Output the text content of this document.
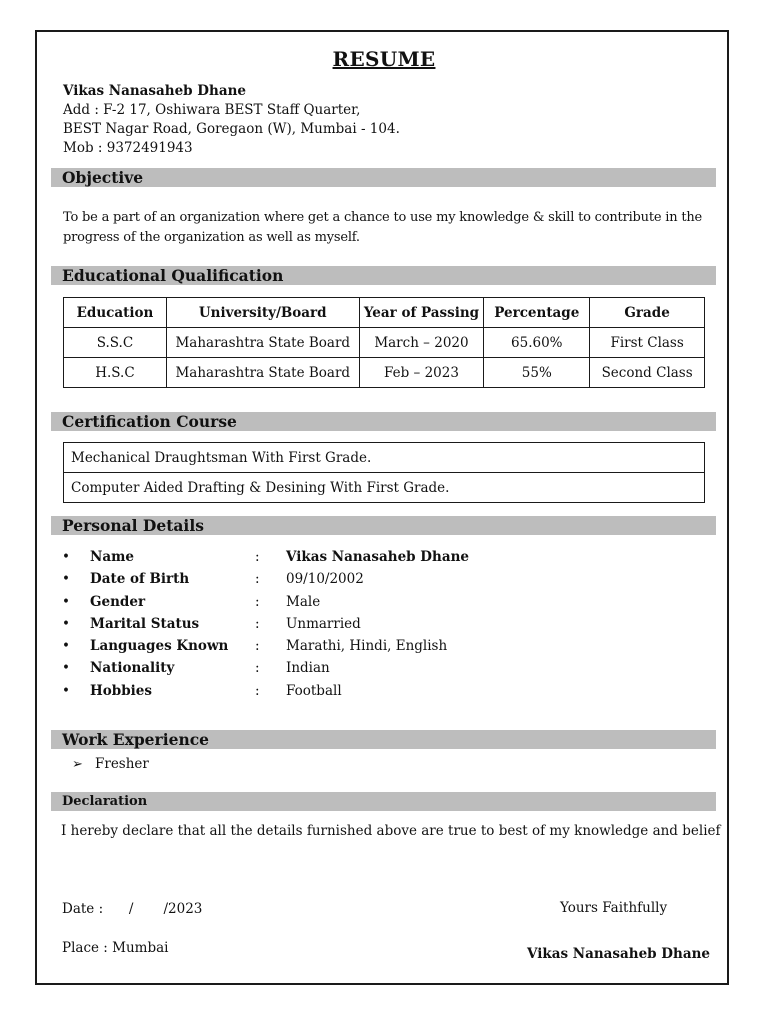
RESUME
Vikas Nanasaheb Dhane
Add : F-2 17, Oshiwara BEST Staff Quarter,
BEST Nagar Road, Goregaon (W), Mumbai - 104.
Mob : 9372491943
Objective
To be a part of an organization where get a chance to use my knowledge & skill to contribute in the
progress of the organization as well as myself.
Educational Qualification
Education	University/Board	Year of Passing	Percentage	Grade
S.S.C	Maharashtra State Board	March – 2020	65.60%	First Class
H.S.C	Maharashtra State Board	Feb – 2023	55%	Second Class
Certification Course
Mechanical Draughtsman With First Grade.
Computer Aided Drafting & Desining With First Grade.
Personal Details
• Name	: Vikas Nanasaheb Dhane
• Date of Birth	: 09/10/2002
• Gender	: Male
• Marital Status	: Unmarried
• Languages Known : Marathi, Hindi, English
• Nationality	: Indian
• Hobbies	: Football
Work Experience
➢ Fresher
Declaration
I hereby declare that all the details furnished above are true to best of my knowledge and belief
Date :      /       /2023
Place : Mumbai
Yours Faithfully
Vikas Nanasaheb Dhane
